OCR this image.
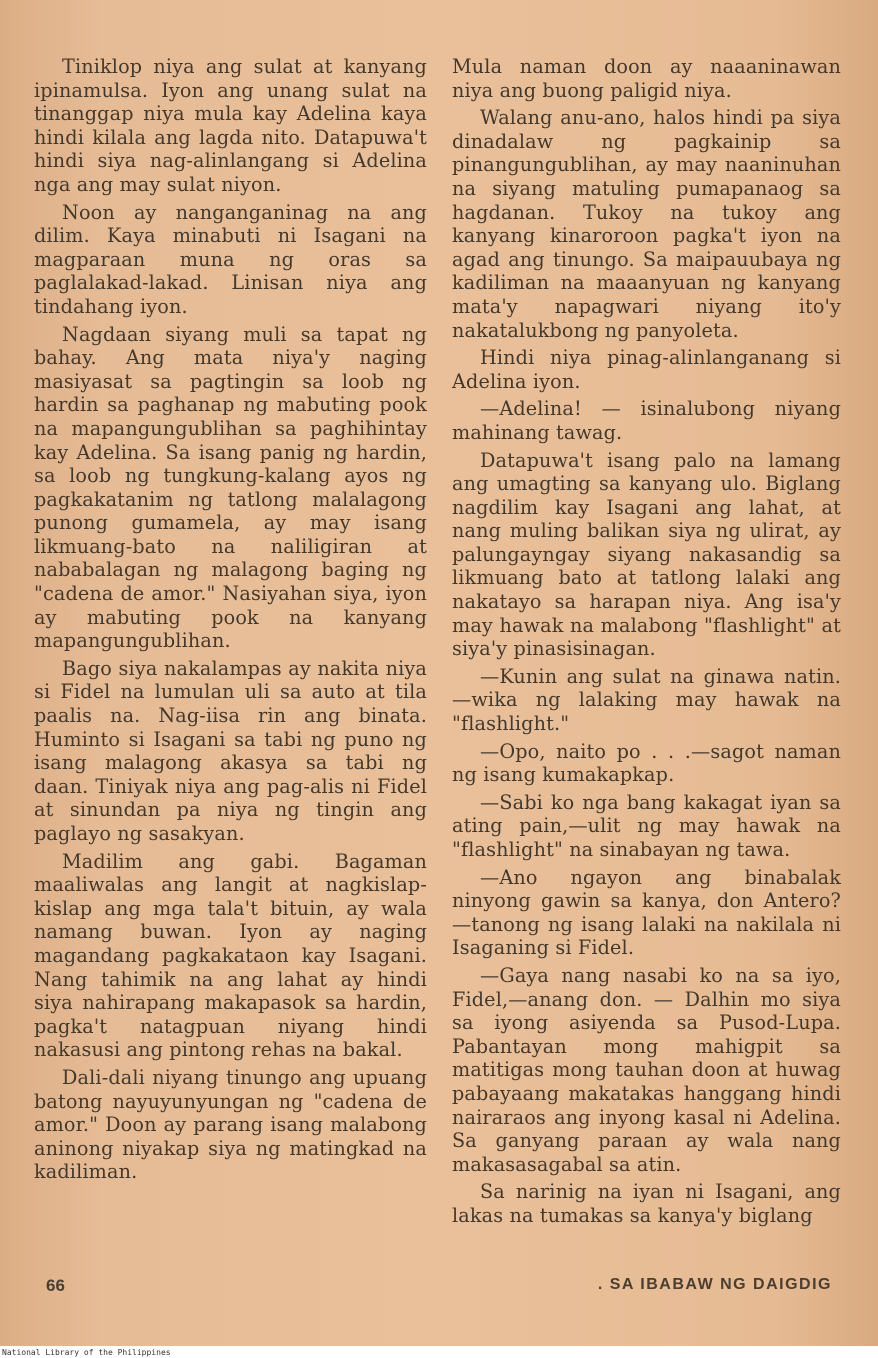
Tiniklop niya ang sulat at kanyang ipinamulsa. Iyon ang unang sulat na tinanggap niya mula kay Adelina kaya hindi kilala ang lagda nito. Datapuwa't hindi siya nag-alinlangang si Adelina nga ang may sulat niyon.

Noon ay nanganganinag na ang dilim. Kaya minabuti ni Isagani na magparaan muna ng oras sa paglalakad-lakad. Linisan niya ang tindahang iyon.

Nagdaan siyang muli sa tapat ng bahay. Ang mata niya'y naging masiyasat sa pagtingin sa loob ng hardin sa paghanap ng mabuting pook na mapangungublihan sa paghihintay kay Adelina. Sa isang panig ng hardin, sa loob ng tungkung-kalang ayos ng pagkakatanim ng tatlong malalagong punong gumamela, ay may isang likmuang-bato na naliligiran at nababalagan ng malagong baging ng "cadena de amor." Nasiyahan siya, iyon ay mabuting pook na kanyang mapangungublihan.

Bago siya nakalampas ay nakita niya si Fidel na lumulan uli sa auto at tila paalis na. Nag-iisa rin ang binata. Huminto si Isagani sa tabi ng puno ng isang malagong akasya sa tabi ng daan. Tiniyak niya ang pag-alis ni Fidel at sinundan pa niya ng tingin ang paglayo ng sasakyan.

Madilim ang gabi. Bagaman maaliwalas ang langit at nagkislap-kislap ang mga tala't bituin, ay wala namang buwan. Iyon ay naging magandang pagkakataon kay Isagani. Nang tahimik na ang lahat ay hindi siya nahirapang makapasok sa hardin, pagka't natagpuan niyang hindi nakasusi ang pintong rehas na bakal.

Dali-dali niyang tinungo ang upuang batong nayuyunyungan ng "cadena de amor." Doon ay parang isang malabong aninong niyakap siya ng matingkad na kadiliman.

Mula naman doon ay naaaninawan niya ang buong paligid niya.

Walang anu-ano, halos hindi pa siya dinadalaw ng pagkainip sa pinangungublihan, ay may naaninuhan na siyang matuling pumapanaog sa hagdanan. Tukoy na tukoy ang kanyang kinaroroon pagka't iyon na agad ang tinungo. Sa maipauubaya ng kadiliman na maaanyuan ng kanyang mata'y napagwari niyang ito'y nakatalukbong ng panyoleta.

Hindi niya pinag-alinlanganang si Adelina iyon.

—Adelina! — isinalubong niyang mahinang tawag.

Datapuwa't isang palo na lamang ang umagting sa kanyang ulo. Biglang nagdilim kay Isagani ang lahat, at nang muling balikan siya ng ulirat, ay palungayngay siyang nakasandig sa likmuang bato at tatlong lalaki ang nakatayo sa harapan niya. Ang isa'y may hawak na malabong "flashlight" at siya'y pinasisinagan.

—Kunin ang sulat na ginawa natin.—wika ng lalaking may hawak na "flashlight."

—Opo, naito po . . .—sagot naman ng isang kumakapkap.

—Sabi ko nga bang kakagat iyan sa ating pain,—ulit ng may hawak na "flashlight" na sinabayan ng tawa.

—Ano ngayon ang binabalak ninyong gawin sa kanya, don Antero? —tanong ng isang lalaki na nakilala ni Isaganing si Fidel.

—Gaya nang nasabi ko na sa iyo, Fidel,—anang don. — Dalhin mo siya sa iyong asiyenda sa Pusod-Lupa. Pabantayan mong mahigpit sa matitigas mong tauhan doon at huwag pabayaang makatakas hanggang hindi nairaraos ang inyong kasal ni Adelina. Sa ganyang paraan ay wala nang makasasagabal sa atin.

Sa narinig na iyan ni Isagani, ang lakas na tumakas sa kanya'y biglang

66	. SA IBABAW NG DAIGDIG
National Library of the Philippines
